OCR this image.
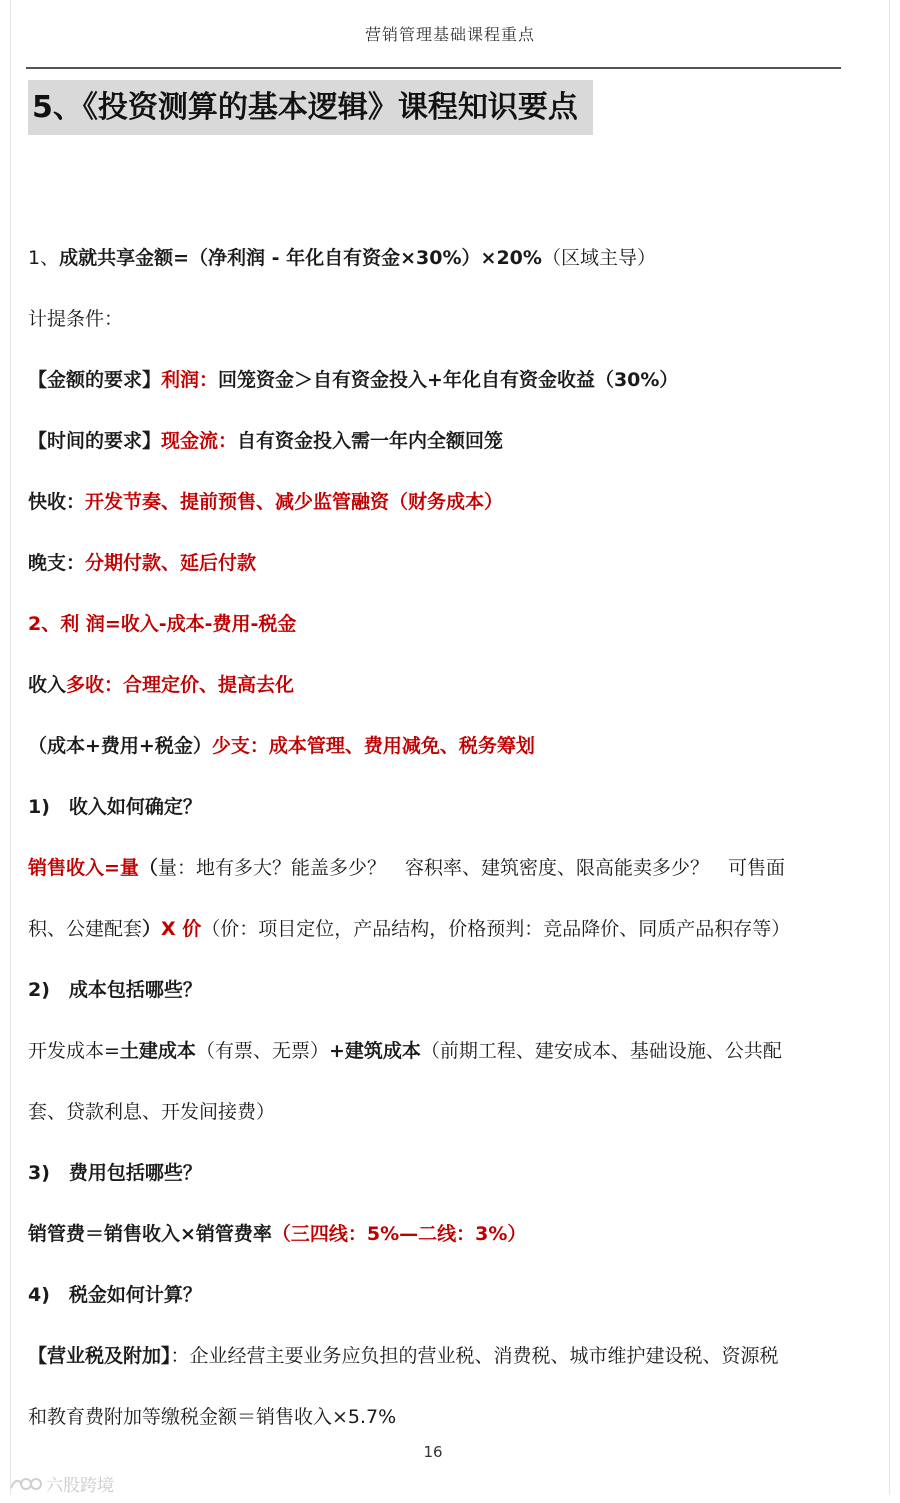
营销管理基础课程重点
5、《投资测算的基本逻辑》课程知识要点
1、成就共享金额=（净利润 - 年化自有资金×30%）×20%（区域主导）
计提条件：
【金额的要求】利润：回笼资金＞自有资金投入+年化自有资金收益（30%）
【时间的要求】现金流：自有资金投入需一年内全额回笼
快收：开发节奏、提前预售、减少监管融资（财务成本）
晚支：分期付款、延后付款
2、利 润=收入-成本-费用-税金
收入多收：合理定价、提高去化
（成本+费用+税金）少支：成本管理、费用减免、税务筹划
1)　收入如何确定？
销售收入=量（量：地有多大？能盖多少？　容积率、建筑密度、限高能卖多少？　可售面
积、公建配套）X 价（价：项目定位，产品结构，价格预判：竞品降价、同质产品积存等）
2)　成本包括哪些？
开发成本=土建成本（有票、无票）+建筑成本（前期工程、建安成本、基础设施、公共配
套、贷款利息、开发间接费）
3)　费用包括哪些？
销管费＝销售收入×销管费率（三四线：5%—二线：3%）
4)　税金如何计算？
【营业税及附加】：企业经营主要业务应负担的营业税、消费税、城市维护建设税、资源税
和教育费附加等缴税金额＝销售收入×5.7%
16
六股跨境
